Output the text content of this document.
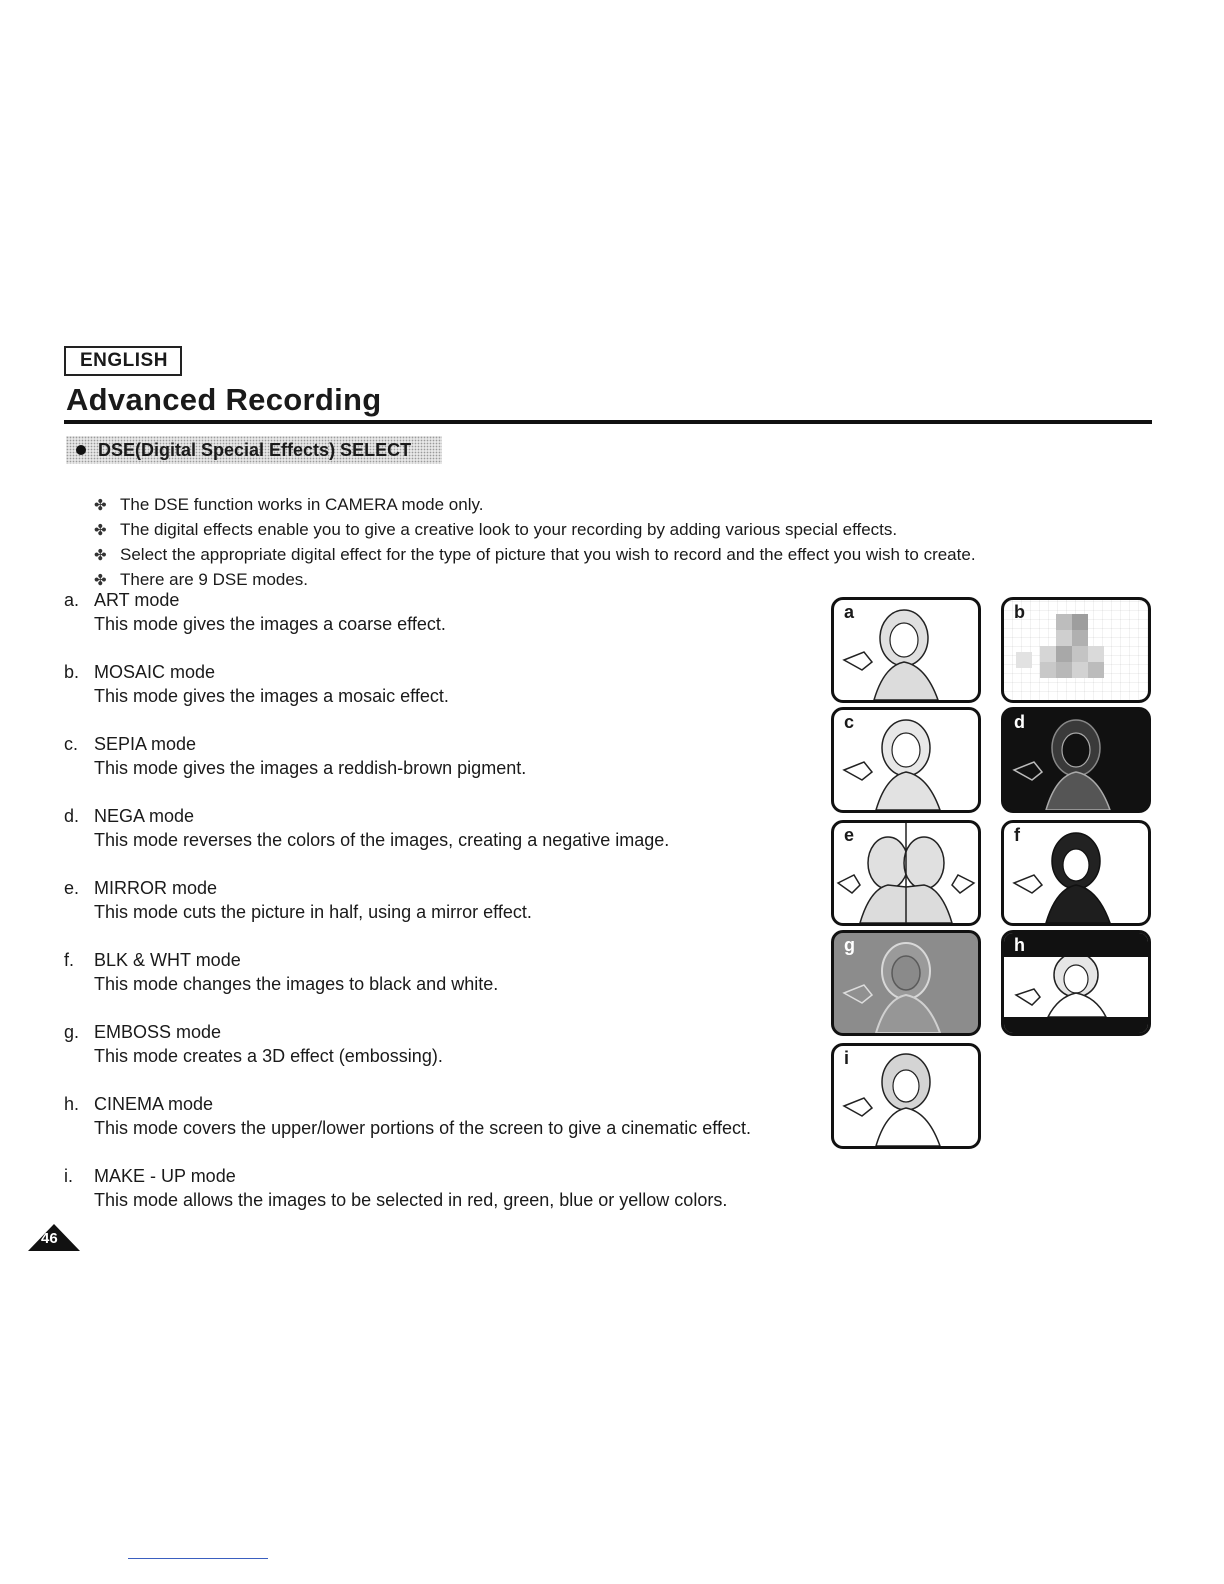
ENGLISH
Advanced Recording
DSE(Digital Special Effects) SELECT
✤ The DSE function works in CAMERA mode only.
✤ The digital effects enable you to give a creative look to your recording by adding various special effects.
✤ Select the appropriate digital effect for the type of picture that you wish to record and the effect you wish to create.
✤ There are 9 DSE modes.
a. ART mode
This mode gives the images a coarse effect.
b. MOSAIC mode
This mode gives the images a mosaic effect.
c. SEPIA mode
This mode gives the images a reddish-brown pigment.
d. NEGA mode
This mode reverses the colors of the images, creating a negative image.
e. MIRROR mode
This mode cuts the picture in half, using a mirror effect.
f.	BLK & WHT mode
This mode changes the images to black and white.
g. EMBOSS mode
This mode creates a 3D effect (embossing).
h. CINEMA mode
This mode covers the upper/lower portions of the screen to give a cinematic effect.
i.	MAKE - UP mode
This mode allows the images to be selected in red, green, blue or yellow colors.
a	b
c	d
e	f
g	h
i
46
